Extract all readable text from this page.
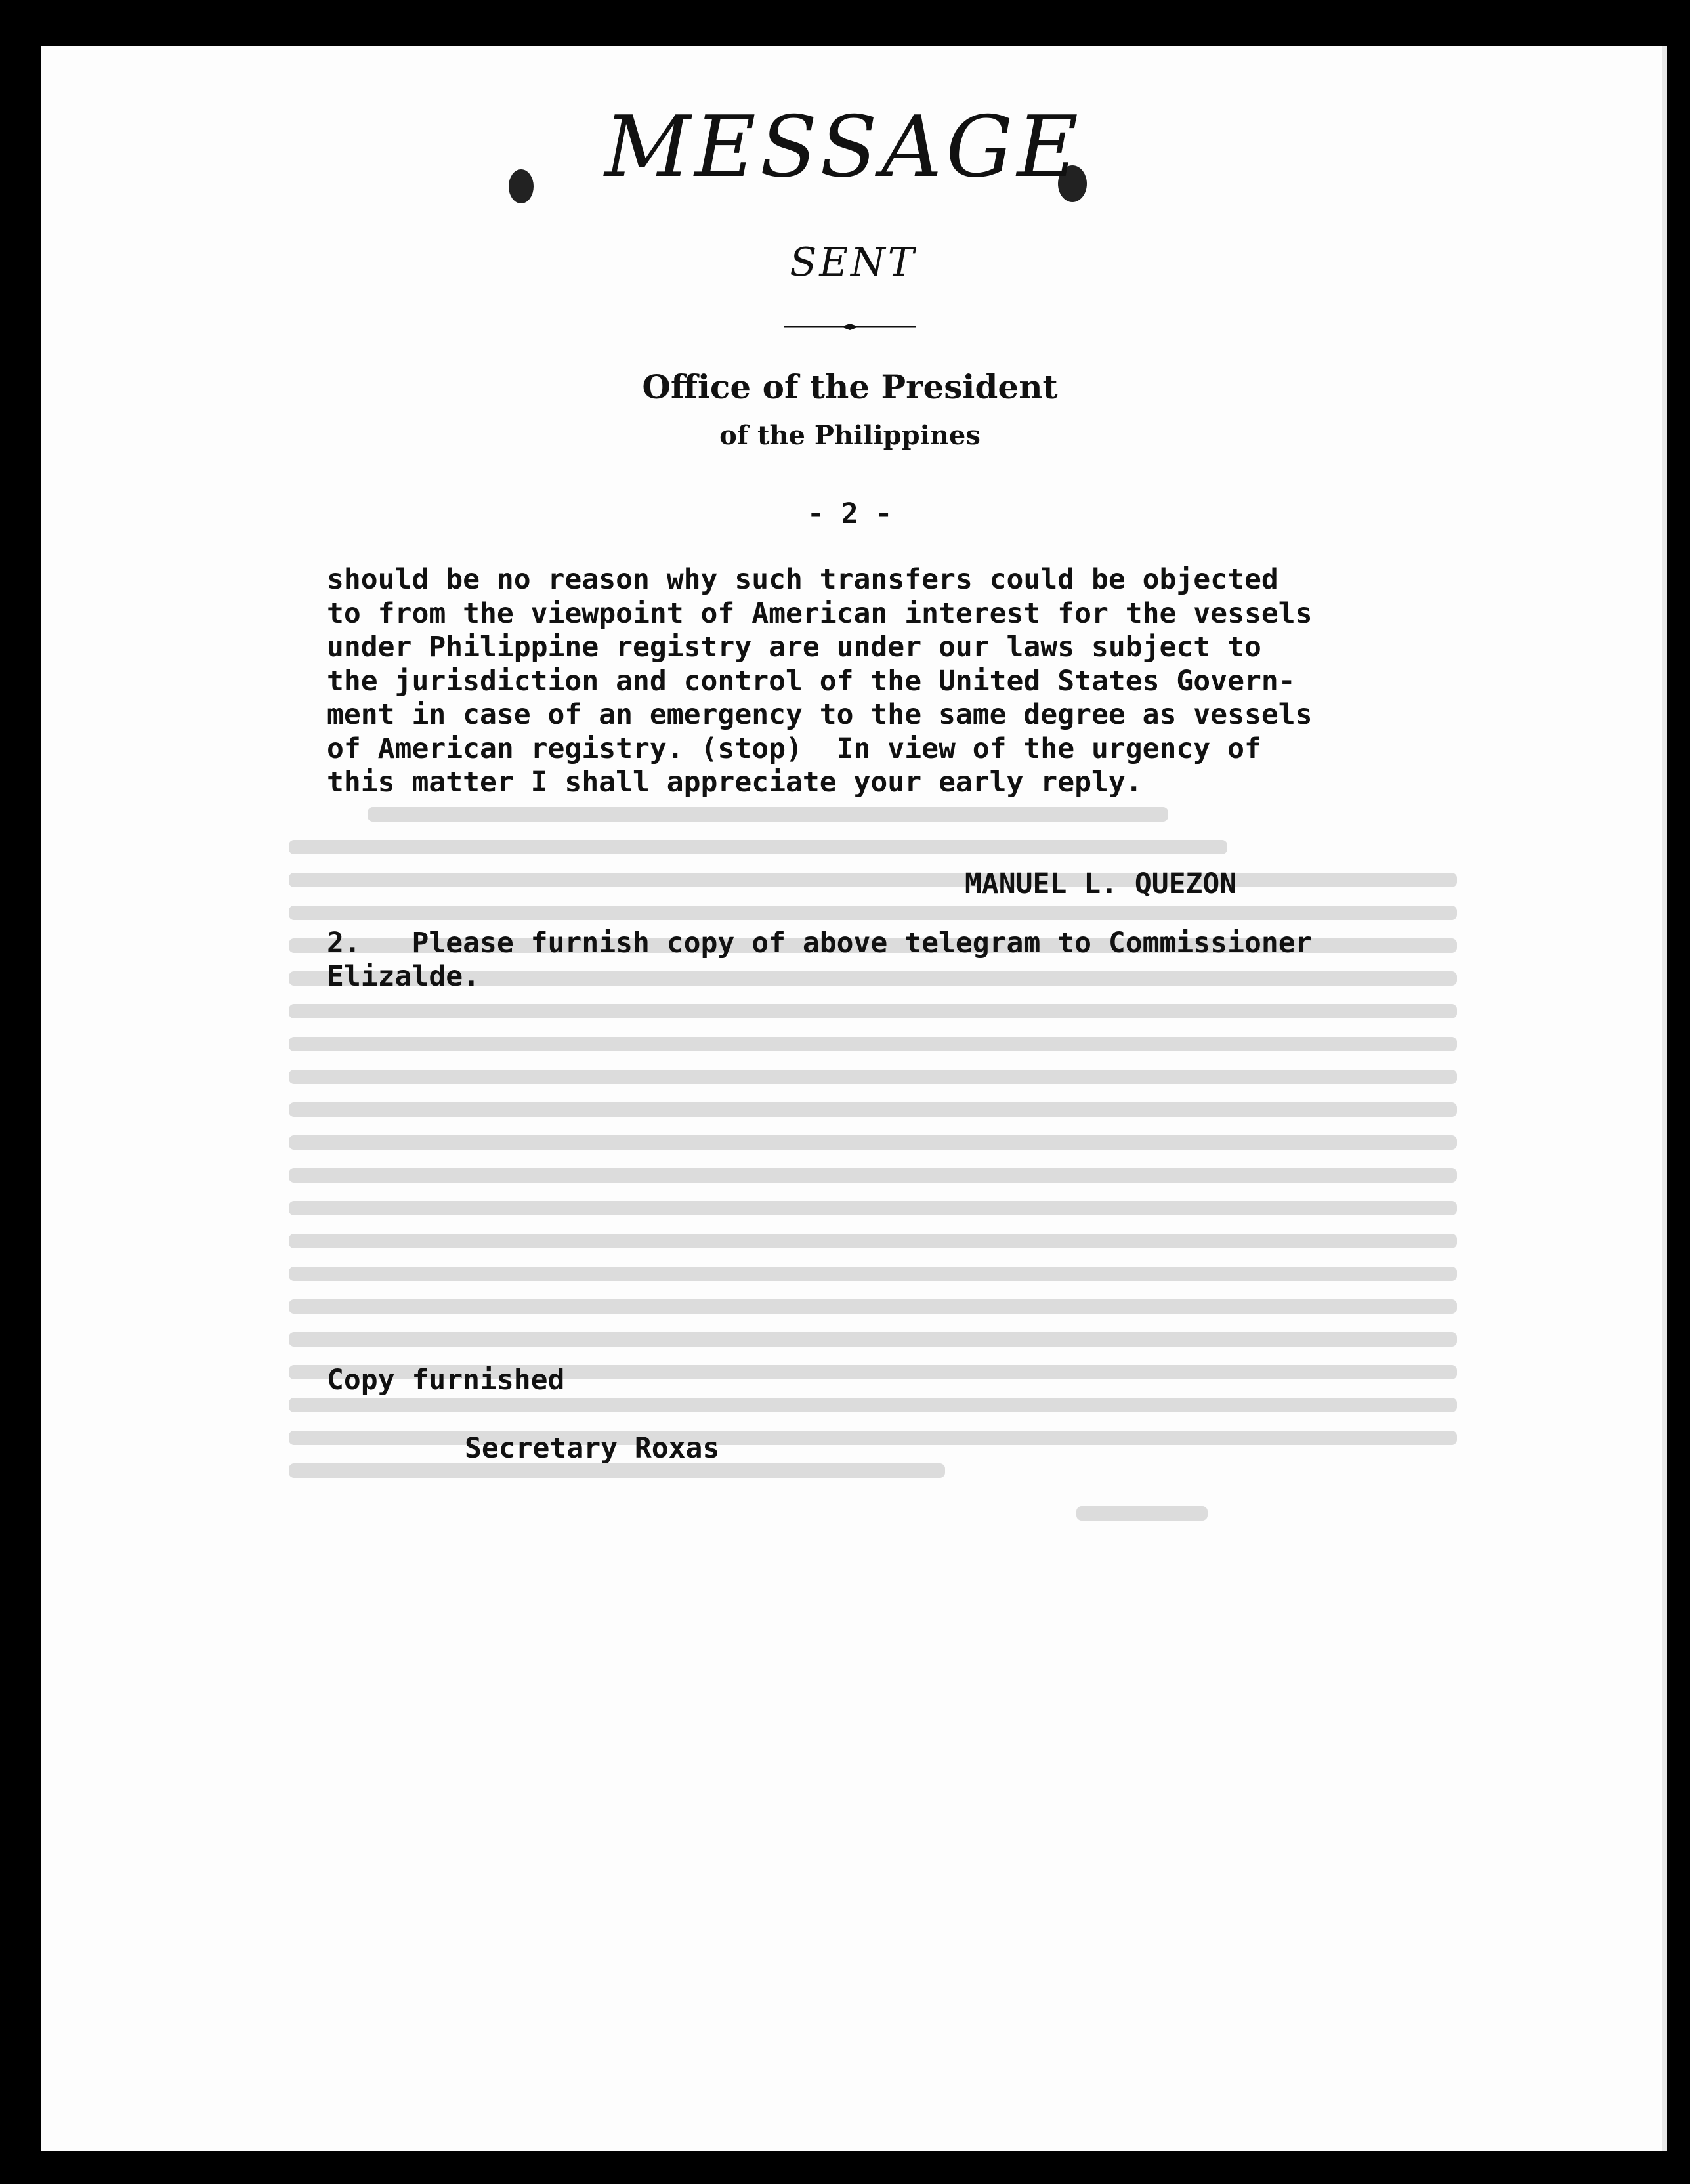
MESSAGE
SENT
Office of the President
of the Philippines
- 2 -
should be no reason why such transfers could be objected
to from the viewpoint of American interest for the vessels
under Philippine registry are under our laws subject to
the jurisdiction and control of the United States Govern-
ment in case of an emergency to the same degree as vessels
of American registry. (stop)  In view of the urgency of
this matter I shall appreciate your early reply.
MANUEL L. QUEZON
2.   Please furnish copy of above telegram to Commissioner
Elizalde.
Copy furnished
Secretary Roxas
